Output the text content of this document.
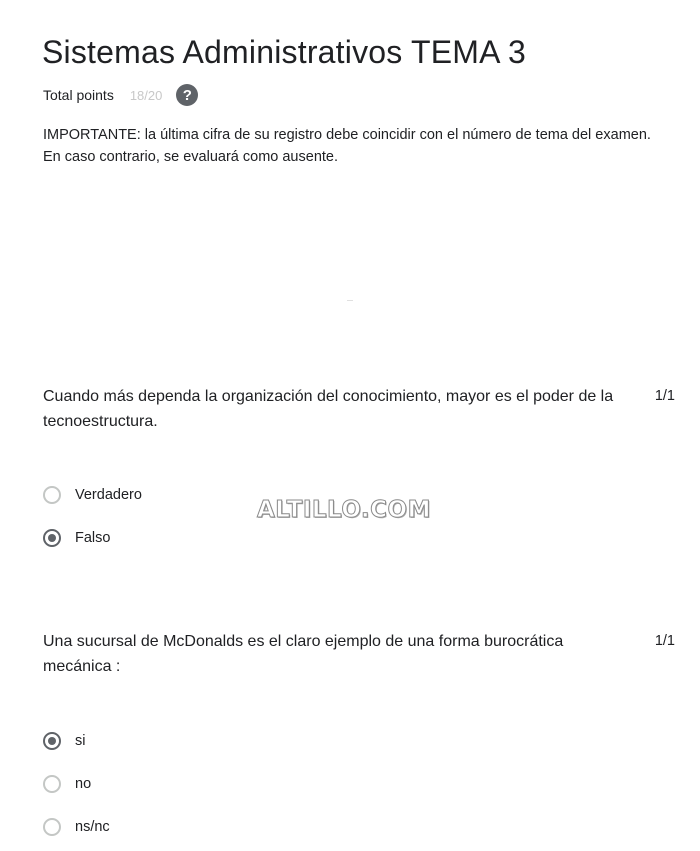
Sistemas Administrativos TEMA 3
Total points 18/20	?
IMPORTANTE: la última cifra de su registro debe coincidir con el número de tema del examen. En caso contrario, se evaluará como ausente.
Cuando más dependa la organización del conocimiento, mayor es el poder de la tecnoestructura.
1/1
Verdadero
Falso
ALTILLO.COM
Una sucursal de McDonalds es el claro ejemplo de una forma burocrática mecánica :
1/1
si
no
ns/nc
